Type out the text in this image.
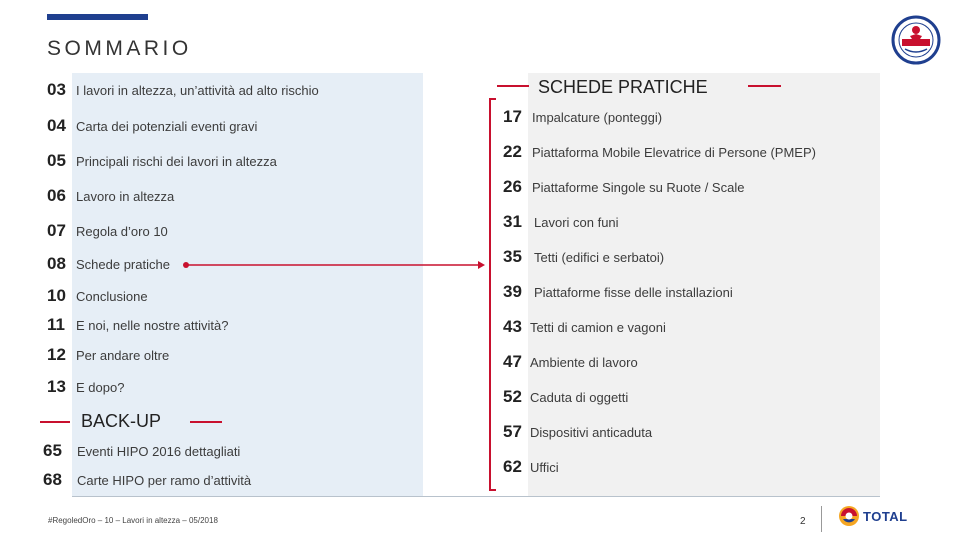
SOMMARIO
03 I lavori in altezza, un’attività ad alto rischio
04 Carta dei potenziali eventi gravi
05 Principali rischi dei lavori in altezza
06 Lavoro in altezza
07 Regola d’oro 10
08 Schede pratiche
10 Conclusione
11 E noi, nelle nostre attività?
12 Per andare oltre
13 E dopo?
BACK-UP
65	Eventi HIPO 2016 dettagliati
68	Carte HIPO per ramo d’attività
SCHEDE PRATICHE
17 Impalcature (ponteggi)
22 Piattaforma Mobile Elevatrice di Persone (PMEP)
26 Piattaforme Singole su Ruote / Scale
31 Lavori con funi
35 Tetti (edifici e serbatoi)
39 Piattaforme fisse delle installazioni
43 Tetti di camion e vagoni
47 Ambiente di lavoro
52 Caduta di oggetti
57 Dispositivi anticaduta
62 Uffici
#RegoledOro – 10 – Lavori in altezza – 05/2018	2	TOTAL
